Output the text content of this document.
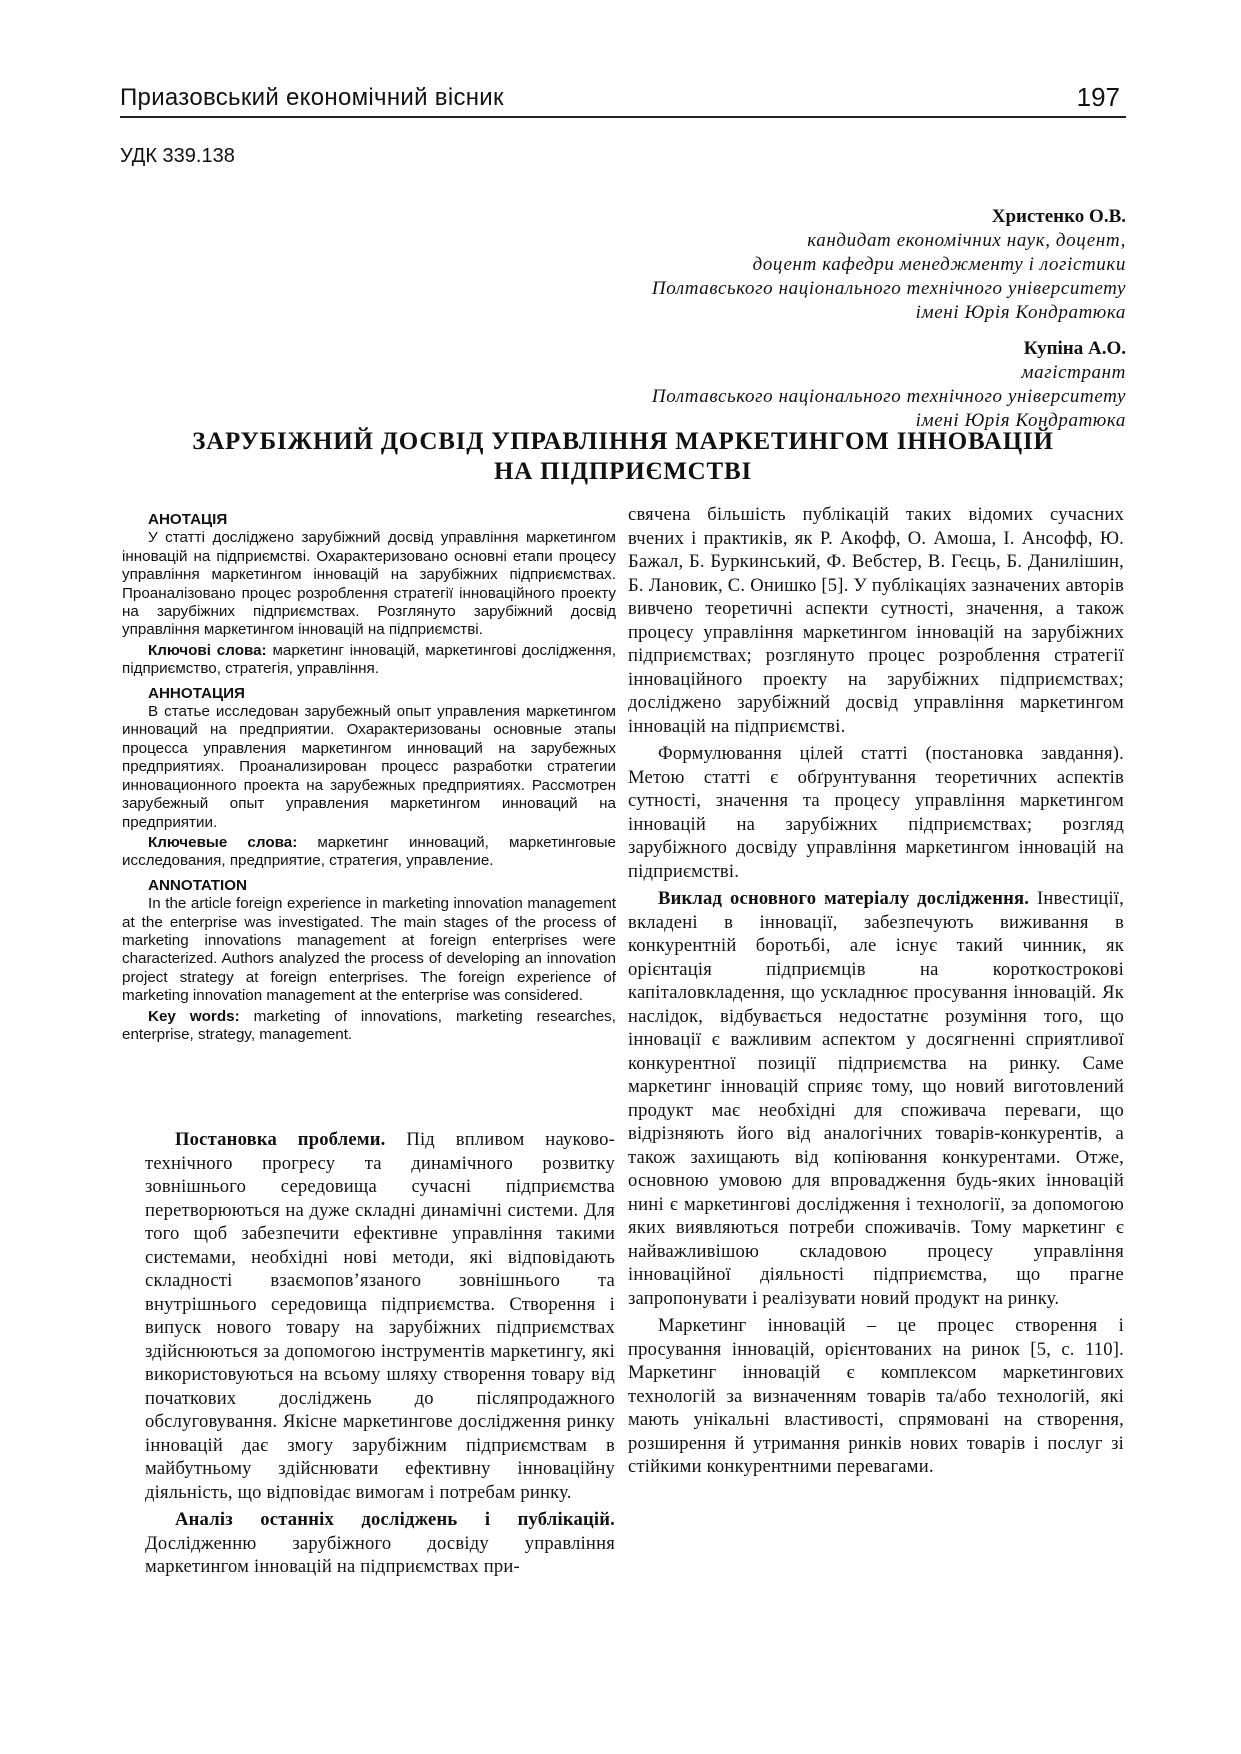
Приазовський економічний вісник	197
УДК 339.138
Христенко О.В.
кандидат економічних наук, доцент,
доцент кафедри менеджменту і логістики
Полтавського національного технічного університету
імені Юрія Кондратюка
Купіна А.О.
магістрант
Полтавського національного технічного університету
імені Юрія Кондратюка
ЗАРУБІЖНИЙ ДОСВІД УПРАВЛІННЯ МАРКЕТИНГОМ ІННОВАЦІЙ
НА ПІДПРИЄМСТВІ
АНОТАЦІЯ
У статті досліджено зарубіжний досвід управління маркетингом інновацій на підприємстві. Охарактеризовано основні етапи процесу управління маркетингом інновацій на зарубіжних підприємствах. Проаналізовано процес розроблення стратегії інноваційного проекту на зарубіжних підприємствах. Розглянуто зарубіжний досвід управління маркетингом інновацій на підприємстві.
Ключові слова: маркетинг інновацій, маркетингові дослідження, підприємство, стратегія, управління.
АННОТАЦИЯ
В статье исследован зарубежный опыт управления маркетингом инноваций на предприятии. Охарактеризованы основные этапы процесса управления маркетингом инноваций на зарубежных предприятиях. Проанализирован процесс разработки стратегии инновационного проекта на зарубежных предприятиях. Рассмотрен зарубежный опыт управления маркетингом инноваций на предприятии.
Ключевые слова: маркетинг инноваций, маркетинговые исследования, предприятие, стратегия, управление.
ANNOTATION
In the article foreign experience in marketing innovation management at the enterprise was investigated. The main stages of the process of marketing innovations management at foreign enterprises were characterized. Authors analyzed the process of developing an innovation project strategy at foreign enterprises. The foreign experience of marketing innovation management at the enterprise was considered.
Key words: marketing of innovations, marketing researches, enterprise, strategy, management.

Постановка проблеми. Під впливом науково-технічного прогресу та динамічного розвитку зовнішнього середовища сучасні підприємства перетворюються на дуже складні динамічні системи. Для того щоб забезпечити ефективне управління такими системами, необхідні нові методи, які відповідають складності взаємопов’язаного зовнішнього та внутрішнього середовища підприємства. Створення і випуск нового товару на зарубіжних підприємствах здійснюються за допомогою інструментів маркетингу, які використовуються на всьому шляху створення товару від початкових досліджень до післяпродажного обслуговування. Якісне маркетингове дослідження ринку інновацій дає змогу зарубіжним підприємствам в майбутньому здійснювати ефективну інноваційну діяльність, що відповідає вимогам і потребам ринку.

Аналіз останніх досліджень і публікацій. Дослідженню зарубіжного досвіду управління маркетингом інновацій на підприємствах при-

свячена більшість публікацій таких відомих сучасних вчених і практиків, як Р. Акофф, О. Амоша, І. Ансофф, Ю. Бажал, Б. Буркинський, Ф. Вебстер, В. Геєць, Б. Данилішин, Б. Лановик, С. Онишко [5]. У публікаціях зазначених авторів вивчено теоретичні аспекти сутності, значення, а також процесу управління маркетингом інновацій на зарубіжних підприємствах; розглянуто процес розроблення стратегії інноваційного проекту на зарубіжних підприємствах; досліджено зарубіжний досвід управління маркетингом інновацій на підприємстві.

Формулювання цілей статті (постановка завдання). Метою статті є обґрунтування теоретичних аспектів сутності, значення та процесу управління маркетингом інновацій на зарубіжних підприємствах; розгляд зарубіжного досвіду управління маркетингом інновацій на підприємстві.

Виклад основного матеріалу дослідження. Інвестиції, вкладені в інновації, забезпечують виживання в конкурентній боротьбі, але існує такий чинник, як орієнтація підприємців на короткострокові капіталовкладення, що ускладнює просування інновацій. Як наслідок, відбувається недостатнє розуміння того, що інновації є важливим аспектом у досягненні сприятливої конкурентної позиції підприємства на ринку. Саме маркетинг інновацій сприяє тому, що новий виготовлений продукт має необхідні для споживача переваги, що відрізняють його від аналогічних товарів-конкурентів, а також захищають від копіювання конкурентами. Отже, основною умовою для впровадження будь-яких інновацій нині є маркетингові дослідження і технології, за допомогою яких виявляються потреби споживачів. Тому маркетинг є найважливішою складовою процесу управління інноваційної діяльності підприємства, що прагне запропонувати і реалізувати новий продукт на ринку.

Маркетинг інновацій – це процес створення і просування інновацій, орієнтованих на ринок [5, с. 110]. Маркетинг інновацій є комплексом маркетингових технологій за визначенням товарів та/або технологій, які мають унікальні властивості, спрямовані на створення, розширення й утримання ринків нових товарів і послуг зі стійкими конкурентними перевагами.
